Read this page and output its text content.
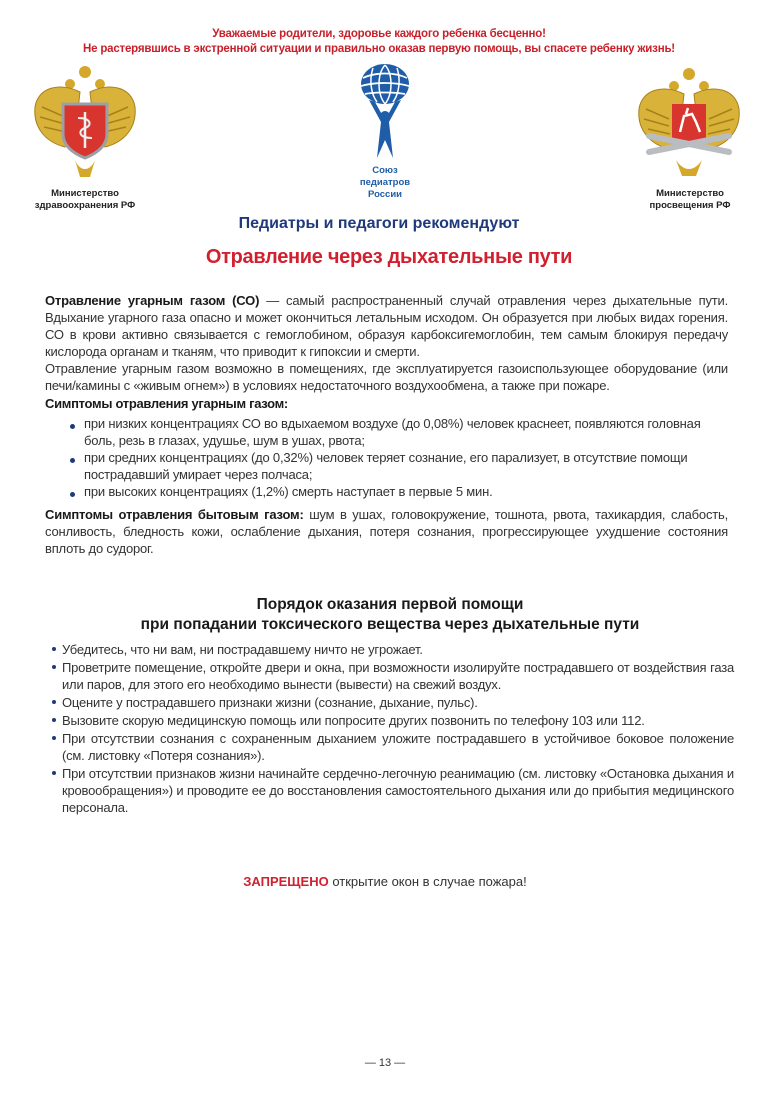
Уважаемые родители, здоровье каждого ребенка бесценно!
Не растерявшись в экстренной ситуации и правильно оказав первую помощь, вы спасете ребенку жизнь!
Министерство
здравоохранения РФ
Союз
педиатров
России	Министерство
просвещения РФ
Педиатры и педагоги рекомендуют
Отравление через дыхательные пути
Отравление угарным газом (СО) — самый распространенный случай отравления через дыхательные пути. Вдыхание угарного газа опасно и может окончиться летальным исходом. Он образуется при любых видах горения. СО в крови активно связывается с гемоглобином, образуя карбоксигемоглобин, тем самым блокируя передачу кислорода органам и тканям, что приводит к гипоксии и смерти.
Отравление угарным газом возможно в помещениях, где эксплуатируется газоиспользующее оборудование (или печи/камины с «живым огнем») в условиях недостаточного воздухообмена, а также при пожаре.
Симптомы отравления угарным газом:
при низких концентрациях СО во вдыхаемом воздухе (до 0,08%) человек краснеет, появляются головная боль, резь в глазах, удушье, шум в ушах, рвота;
при средних концентрациях (до 0,32%) человек теряет сознание, его парализует, в отсутствие помощи пострадавший умирает через полчаса;
при высоких концентрациях (1,2%) смерть наступает в первые 5 мин.
Симптомы отравления бытовым газом: шум в ушах, головокружение, тошнота, рвота, тахикардия, слабость, сонливость, бледность кожи, ослабление дыхания, потеря сознания, прогрессирующее ухудшение состояния вплоть до судорог.
Порядок оказания первой помощи
при попадании токсического вещества через дыхательные пути
Убедитесь, что ни вам, ни пострадавшему ничто не угрожает.
Проветрите помещение, откройте двери и окна, при возможности изолируйте пострадавшего от воздействия газа или паров, для этого его необходимо вынести (вывести) на свежий воздух.
Оцените у пострадавшего признаки жизни (сознание, дыхание, пульс).
Вызовите скорую медицинскую помощь или попросите других позвонить по телефону 103 или 112.
При отсутствии сознания с сохраненным дыханием уложите пострадавшего в устойчивое боковое положение (см. листовку «Потеря сознания»).
При отсутствии признаков жизни начинайте сердечно-легочную реанимацию (см. листовку «Остановка дыхания и кровообращения») и проводите ее до восстановления самостоятельного дыхания или до прибытия медицинского персонала.
ЗАПРЕЩЕНО открытие окон в случае пожара!
— 13 —
